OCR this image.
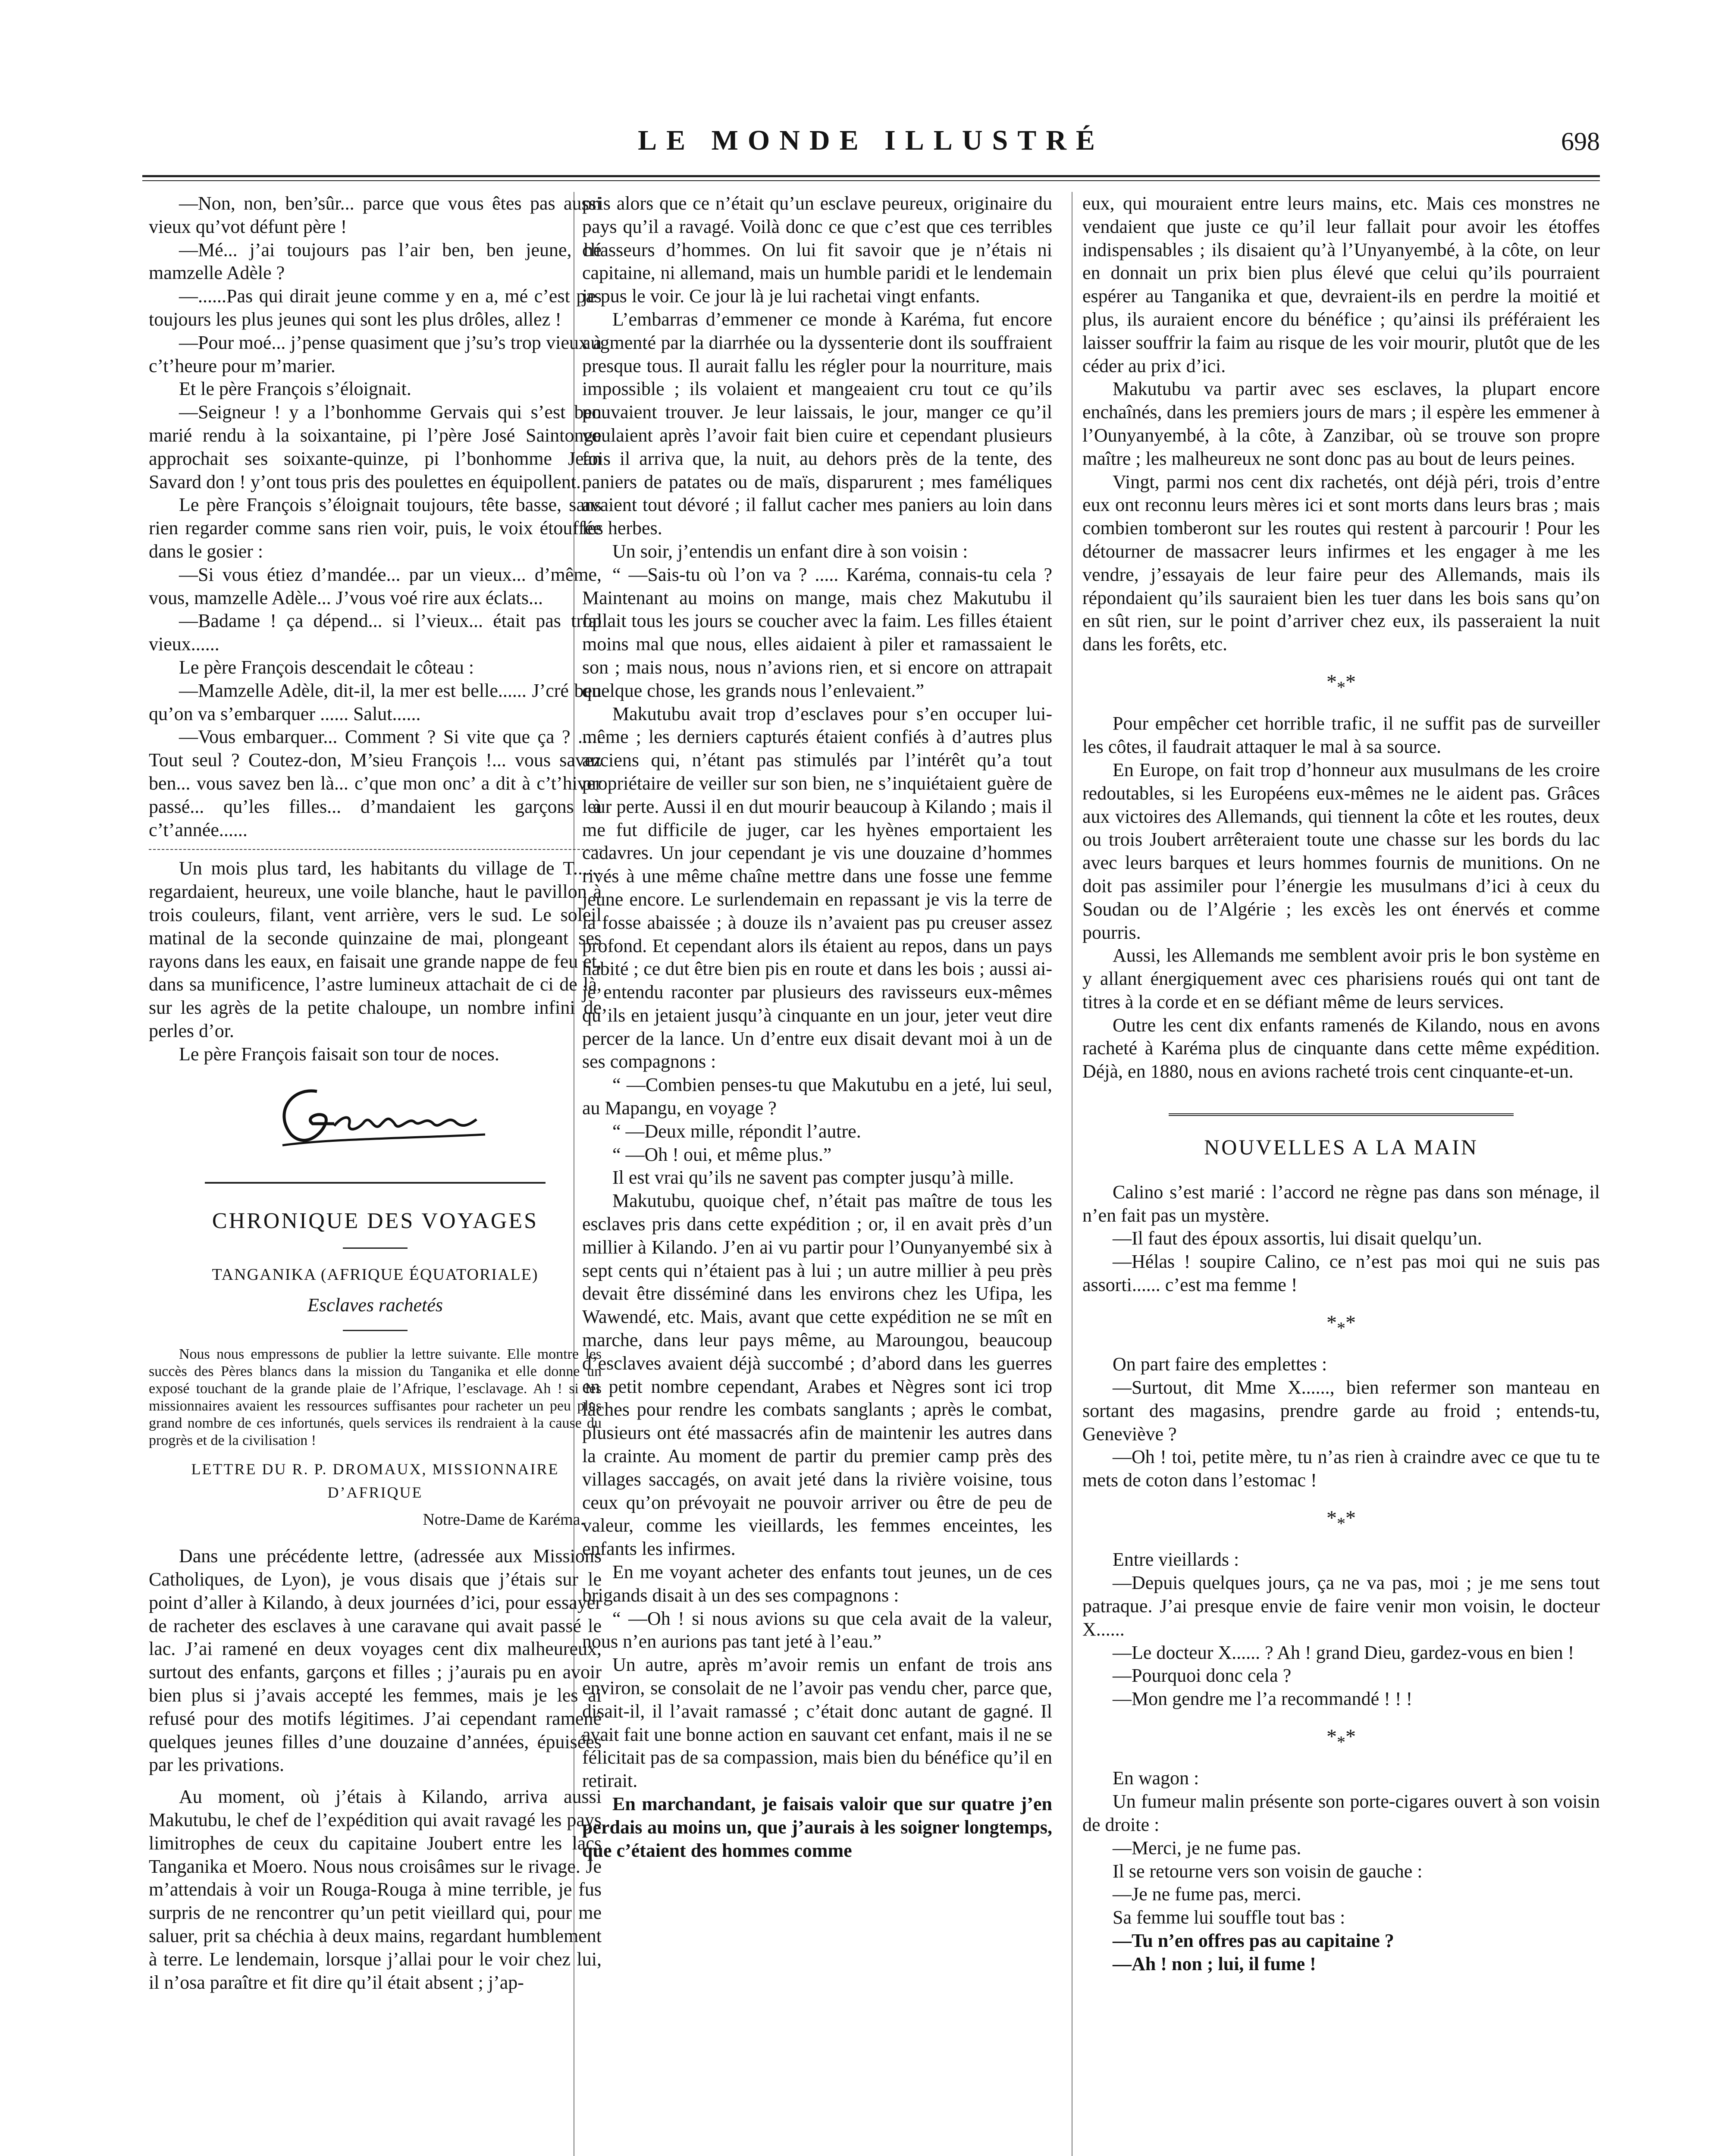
LE MONDE ILLUSTRÉ	698

—Non, non, ben’sûr... parce que vous êtes pas aussi vieux qu’vot défunt père !

—Mé... j’ai toujours pas l’air ben, ben jeune, hé mamzelle Adèle ?

—......Pas qui dirait jeune comme y en a, mé c’est pas toujours les plus jeunes qui sont les plus drôles, allez !

—Pour moé... j’pense quasiment que j’su’s trop vieux à c’t’heure pour m’marier.

Et le père François s’éloignait.

—Seigneur ! y a l’bonhomme Gervais qui s’est ben marié rendu à la soixantaine, pi l’père José Saintonge approchait ses soixante-quinze, pi l’bonhomme Jean Savard don ! y’ont tous pris des poulettes en équipollent.

Le père François s’éloignait toujours, tête basse, sans rien regarder comme sans rien voir, puis, le voix étouffée dans le gosier :

—Si vous étiez d’mandée... par un vieux... d’même, vous, mamzelle Adèle... J’vous voé rire aux éclats...

—Badame ! ça dépend... si l’vieux... était pas trop vieux......

Le père François descendait le côteau :

—Mamzelle Adèle, dit-il, la mer est belle...... J’cré ben qu’on va s’embarquer ...... Salut......

—Vous embarquer... Comment ? Si vite que ça ? ..... Tout seul ? Coutez-don, M’sieu François !... vous savez ben... vous savez ben là... c’que mon onc’ a dit à c’t’hiver passé... qu’les filles... d’mandaient les garçons à c’t’année......

Un mois plus tard, les habitants du village de T...... regardaient, heureux, une voile blanche, haut le pavillon à trois couleurs, filant, vent arrière, vers le sud. Le soleil matinal de la seconde quinzaine de mai, plongeant ses rayons dans les eaux, en faisait une grande nappe de feu et, dans sa munificence, l’astre lumineux attachait de ci de là, sur les agrès de la petite chaloupe, un nombre infini de perles d’or.

Le père François faisait son tour de noces.

CHRONIQUE DES VOYAGES

TANGANIKA (AFRIQUE ÉQUATORIALE)
Esclaves rachetés

Nous nous empressons de publier la lettre suivante. Elle montre les succès des Pères blancs dans la mission du Tanganika et elle donne un exposé touchant de la grande plaie de l’Afrique, l’esclavage. Ah ! si les missionnaires avaient les ressources suffisantes pour racheter un peu plus grand nombre de ces infortunés, quels services ils rendraient à la cause du progrès et de la civilisation !

LETTRE DU R. P. DROMAUX, MISSIONNAIRE D’AFRIQUE
Notre-Dame de Karéma.

Dans une précédente lettre, (adressée aux Missions Catholiques, de Lyon), je vous disais que j’étais sur le point d’aller à Kilando, à deux journées d’ici, pour essayer de racheter des esclaves à une caravane qui avait passé le lac. J’ai ramené en deux voyages cent dix malheureux, surtout des enfants, garçons et filles ; j’aurais pu en avoir bien plus si j’avais accepté les femmes, mais je les ai refusé pour des motifs légitimes. J’ai cependant ramené quelques jeunes filles d’une douzaine d’années, épuisées par les privations.

Au moment, où j’étais à Kilando, arriva aussi Makutubu, le chef de l’expédition qui avait ravagé les pays limitrophes de ceux du capitaine Joubert entre les lacs Tanganika et Moero. Nous nous croisâmes sur le rivage. Je m’attendais à voir un Rouga-Rouga à mine terrible, je fus surpris de ne rencontrer qu’un petit vieillard qui, pour me saluer, prit sa chéchia à deux mains, regardant humblement à terre. Le lendemain, lorsque j’allai pour le voir chez lui, il n’osa paraître et fit dire qu’il était absent ; j’ap-

pris alors que ce n’était qu’un esclave peureux, originaire du pays qu’il a ravagé. Voilà donc ce que c’est que ces terribles chasseurs d’hommes. On lui fit savoir que je n’étais ni capitaine, ni allemand, mais un humble paridi et le lendemain je pus le voir. Ce jour là je lui rachetai vingt enfants.

L’embarras d’emmener ce monde à Karéma, fut encore augmenté par la diarrhée ou la dyssenterie dont ils souffraient presque tous. Il aurait fallu les régler pour la nourriture, mais impossible ; ils volaient et mangeaient cru tout ce qu’ils pouvaient trouver. Je leur laissais, le jour, manger ce qu’il voulaient après l’avoir fait bien cuire et cependant plusieurs fois il arriva que, la nuit, au dehors près de la tente, des paniers de patates ou de maïs, disparurent ; mes faméliques avaient tout dévoré ; il fallut cacher mes paniers au loin dans les herbes.

Un soir, j’entendis un enfant dire à son voisin :

“ —Sais-tu où l’on va ? ..... Karéma, connais-tu cela ? Maintenant au moins on mange, mais chez Makutubu il fallait tous les jours se coucher avec la faim. Les filles étaient moins mal que nous, elles aidaient à piler et ramassaient le son ; mais nous, nous n’avions rien, et si encore on attrapait quelque chose, les grands nous l’enlevaient.”

Makutubu avait trop d’esclaves pour s’en occuper lui-même ; les derniers capturés étaient confiés à d’autres plus anciens qui, n’étant pas stimulés par l’intérêt qu’a tout propriétaire de veiller sur son bien, ne s’inquiétaient guère de leur perte. Aussi il en dut mourir beaucoup à Kilando ; mais il me fut difficile de juger, car les hyènes emportaient les cadavres. Un jour cependant je vis une douzaine d’hommes rivés à une même chaîne mettre dans une fosse une femme jeune encore. Le surlendemain en repassant je vis la terre de la fosse abaissée ; à douze ils n’avaient pas pu creuser assez profond. Et cependant alors ils étaient au repos, dans un pays habité ; ce dut être bien pis en route et dans les bois ; aussi ai-je entendu raconter par plusieurs des ravisseurs eux-mêmes qu’ils en jetaient jusqu’à cinquante en un jour, jeter veut dire percer de la lance. Un d’entre eux disait devant moi à un de ses compagnons :

“ —Combien penses-tu que Makutubu en a jeté, lui seul, au Mapangu, en voyage ?

“ —Deux mille, répondit l’autre.

“ —Oh ! oui, et même plus.”

Il est vrai qu’ils ne savent pas compter jusqu’à mille.

Makutubu, quoique chef, n’était pas maître de tous les esclaves pris dans cette expédition ; or, il en avait près d’un millier à Kilando. J’en ai vu partir pour l’Ounyanyembé six à sept cents qui n’étaient pas à lui ; un autre millier à peu près devait être disséminé dans les environs chez les Ufipa, les Wawendé, etc. Mais, avant que cette expédition ne se mît en marche, dans leur pays même, au Maroungou, beaucoup d’esclaves avaient déjà succombé ; d’abord dans les guerres en petit nombre cependant, Arabes et Nègres sont ici trop lâches pour rendre les combats sanglants ; après le combat, plusieurs ont été massacrés afin de maintenir les autres dans la crainte. Au moment de partir du premier camp près des villages saccagés, on avait jeté dans la rivière voisine, tous ceux qu’on prévoyait ne pouvoir arriver ou être de peu de valeur, comme les vieillards, les femmes enceintes, les enfants les infirmes.

En me voyant acheter des enfants tout jeunes, un de ces brigands disait à un des ses compagnons :

“ —Oh ! si nous avions su que cela avait de la valeur, nous n’en aurions pas tant jeté à l’eau.”

Un autre, après m’avoir remis un enfant de trois ans environ, se consolait de ne l’avoir pas vendu cher, parce que, disait-il, il l’avait ramassé ; c’était donc autant de gagné. Il avait fait une bonne action en sauvant cet enfant, mais il ne se félicitait pas de sa compassion, mais bien du bénéfice qu’il en retirait.

En marchandant, je faisais valoir que sur quatre j’en perdais au moins un, que j’aurais à les soigner longtemps, que c’étaient des hommes comme

eux, qui mouraient entre leurs mains, etc. Mais ces monstres ne vendaient que juste ce qu’il leur fallait pour avoir les étoffes indispensables ; ils disaient qu’à l’Unyanyembé, à la côte, on leur en donnait un prix bien plus élevé que celui qu’ils pourraient espérer au Tanganika et que, devraient-ils en perdre la moitié et plus, ils auraient encore du bénéfice ; qu’ainsi ils préféraient les laisser souffrir la faim au risque de les voir mourir, plutôt que de les céder au prix d’ici.

Makutubu va partir avec ses esclaves, la plupart encore enchaînés, dans les premiers jours de mars ; il espère les emmener à l’Ounyanyembé, à la côte, à Zanzibar, où se trouve son propre maître ; les malheureux ne sont donc pas au bout de leurs peines.

Vingt, parmi nos cent dix rachetés, ont déjà péri, trois d’entre eux ont reconnu leurs mères ici et sont morts dans leurs bras ; mais combien tomberont sur les routes qui restent à parcourir ! Pour les détourner de massacrer leurs infirmes et les engager à me les vendre, j’essayais de leur faire peur des Allemands, mais ils répondaient qu’ils sauraient bien les tuer dans les bois sans qu’on en sût rien, sur le point d’arriver chez eux, ils passeraient la nuit dans les forêts, etc.

$*_**$

Pour empêcher cet horrible trafic, il ne suffit pas de surveiller les côtes, il faudrait attaquer le mal à sa source.

En Europe, on fait trop d’honneur aux musulmans de les croire redoutables, si les Européens eux-mêmes ne le aident pas. Grâces aux victoires des Allemands, qui tiennent la côte et les routes, deux ou trois Joubert arrêteraient toute une chasse sur les bords du lac avec leurs barques et leurs hommes fournis de munitions. On ne doit pas assimiler pour l’énergie les musulmans d’ici à ceux du Soudan ou de l’Algérie ; les excès les ont énervés et comme pourris.

Aussi, les Allemands me semblent avoir pris le bon système en y allant énergiquement avec ces pharisiens roués qui ont tant de titres à la corde et en se défiant même de leurs services.

Outre les cent dix enfants ramenés de Kilando, nous en avons racheté à Karéma plus de cinquante dans cette même expédition. Déjà, en 1880, nous en avions racheté trois cent cinquante-et-un.

NOUVELLES A LA MAIN

Calino s’est marié : l’accord ne règne pas dans son ménage, il n’en fait pas un mystère.

—Il faut des époux assortis, lui disait quelqu’un.

—Hélas ! soupire Calino, ce n’est pas moi qui ne suis pas assorti...... c’est ma femme !

$*_**$

On part faire des emplettes :

—Surtout, dit Mme X......, bien refermer son manteau en sortant des magasins, prendre garde au froid ; entends-tu, Geneviève ?

—Oh ! toi, petite mère, tu n’as rien à craindre avec ce que tu te mets de coton dans l’estomac !

$*_**$

Entre vieillards :

—Depuis quelques jours, ça ne va pas, moi ; je me sens tout patraque. J’ai presque envie de faire venir mon voisin, le docteur X......

—Le docteur X...... ? Ah ! grand Dieu, gardez-vous en bien !

—Pourquoi donc cela ?

—Mon gendre me l’a recommandé ! ! !

$*_**$

En wagon :

Un fumeur malin présente son porte-cigares ouvert à son voisin de droite :

—Merci, je ne fume pas.

Il se retourne vers son voisin de gauche :

—Je ne fume pas, merci.

Sa femme lui souffle tout bas :

—Tu n’en offres pas au capitaine ?

—Ah ! non ; lui, il fume !
